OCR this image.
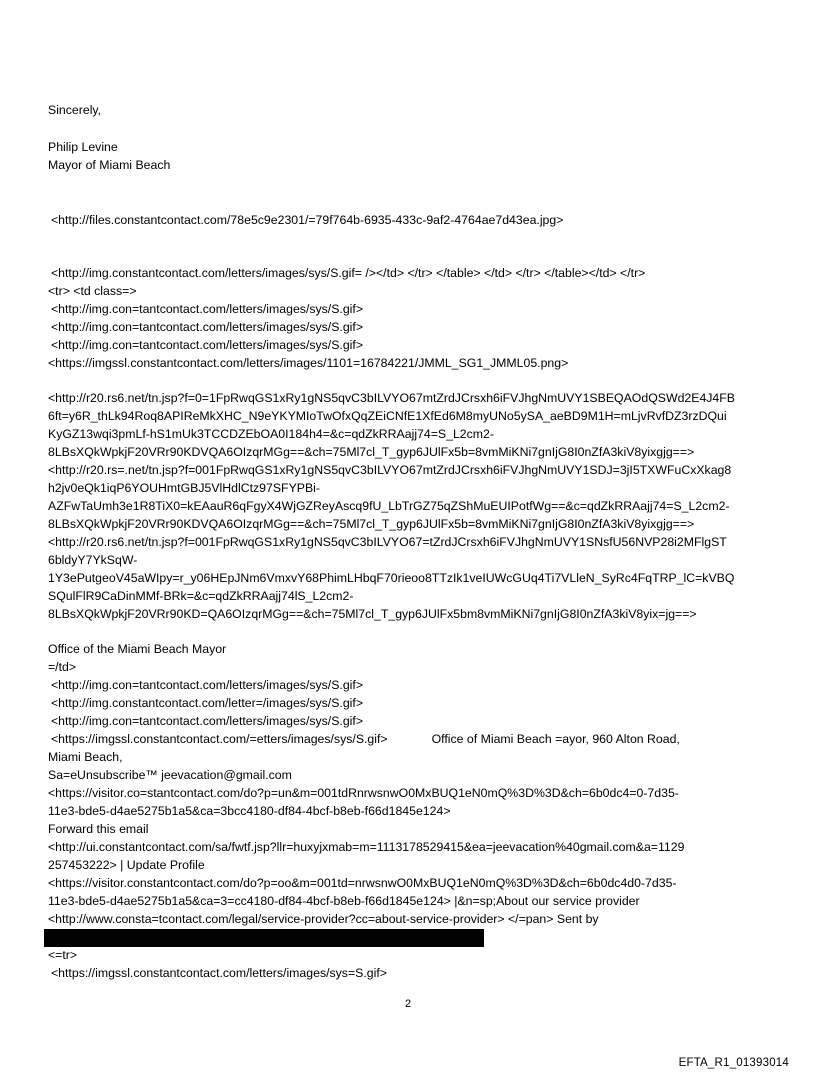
Sincerely,
Philip Levine
Mayor of Miami Beach
<http://files.constantcontact.com/78e5c9e2301/=79f764b-6935-433c-9af2-4764ae7d43ea.jpg>
<http://img.constantcontact.com/letters/images/sys/S.gif= /></td> </tr> </table> </td> </tr> </table></td> </tr>
<tr> <td class=>
<http://img.con=tantcontact.com/letters/images/sys/S.gif>
<http://img.con=tantcontact.com/letters/images/sys/S.gif>
<http://img.con=tantcontact.com/letters/images/sys/S.gif>
<https://imgssl.constantcontact.com/letters/images/1101=16784221/JMML_SG1_JMML05.png>
<http://r20.rs6.net/tn.jsp?f=0=1FpRwqGS1xRy1gNS5qvC3bILVYO67mtZrdJCrsxh6iFVJhgNmUVY1SBEQAOdQSWd2E4J4FB
6ft=y6R_thLk94Roq8APIReMkXHC_N9eYKYMIoTwOfxQqZEiCNfE1XfEd6M8myUNo5ySA_aeBD9M1H=mLjvRvfDZ3rzDQui
KyGZ13wqi3pmLf-hS1mUk3TCCDZEbOA0I184h4=&c=qdZkRRAajj74=S_L2cm2-
8LBsXQkWpkjF20VRr90KDVQA6OIzqrMGg==&ch=75Ml7cl_T_gyp6JUlFx5b=8vmMiKNi7gnIjG8I0nZfA3kiV8yixgjg==>
<http://r20.rs=.net/tn.jsp?f=001FpRwqGS1xRy1gNS5qvC3bILVYO67mtZrdJCrsxh6iFVJhgNmUVY1SDJ=3jI5TXWFuCxXkag8
h2jv0eQk1iqP6YOUHmtGBJ5VlHdlCtz97SFYPBi-
AZFwTaUmh3e1R8TiX0=kEAauR6qFgyX4WjGZReyAscq9fU_LbTrGZ75qZShMuEUIPotfWg==&c=qdZkRRAajj74=S_L2cm2-
8LBsXQkWpkjF20VRr90KDVQA6OIzqrMGg==&ch=75Ml7cl_T_gyp6JUlFx5b=8vmMiKNi7gnIjG8I0nZfA3kiV8yixgjg==>
<http://r20.rs6.net/tn.jsp?f=001FpRwqGS1xRy1gNS5qvC3bILVYO67=tZrdJCrsxh6iFVJhgNmUVY1SNsfU56NVP28i2MFlgST
6bldyY7YkSqW-
1Y3ePutgeoV45aWIpy=r_y06HEpJNm6VmxvY68PhimLHbqF70rieoo8TTzIk1veIUWcGUq4Ti7VLleN_SyRc4FqTRP_lC=kVBQ
SQulFlR9CaDinMMf-BRk=&c=qdZkRRAajj74lS_L2cm2-
8LBsXQkWpkjF20VRr90KD=QA6OIzqrMGg==&ch=75Ml7cl_T_gyp6JUlFx5bm8vmMiKNi7gnIjG8I0nZfA3kiV8yix=jg==>
Office of the Miami Beach Mayor
=/td>
<http://img.con=tantcontact.com/letters/images/sys/S.gif>
<http://img.constantcontact.com/letter=/images/sys/S.gif>
<http://img.con=tantcontact.com/letters/images/sys/S.gif>
<https://imgssl.constantcontact.com/=etters/images/sys/S.gif>	Office of Miami Beach =ayor, 960 Alton Road,
Miami Beach,
Sa=eUnsubscribe™ jeevacation@gmail.com
<https://visitor.co=stantcontact.com/do?p=un&m=001tdRnrwsnwO0MxBUQ1eN0mQ%3D%3D&ch=6b0dc4=0-7d35-
11e3-bde5-d4ae5275b1a5&ca=3bcc4180-df84-4bcf-b8eb-f66d1845e124>
Forward this email
<http://ui.constantcontact.com/sa/fwtf.jsp?llr=huxyjxmab=m=1113178529415&ea=jeevacation%40gmail.com&a=1129
257453222> | Update Profile
<https://visitor.constantcontact.com/do?p=oo&m=001td=nrwsnwO0MxBUQ1eN0mQ%3D%3D&ch=6b0dc4d0-7d35-
11e3-bde5-d4ae5275b1a5&ca=3=cc4180-df84-4bcf-b8eb-f66d1845e124> |&n=sp;About our service provider
<http://www.consta=tcontact.com/legal/service-provider?cc=about-service-provider> </=pan> Sent by
<=tr>
<https://imgssl.constantcontact.com/letters/images/sys=S.gif>
2
EFTA_R1_01393014
